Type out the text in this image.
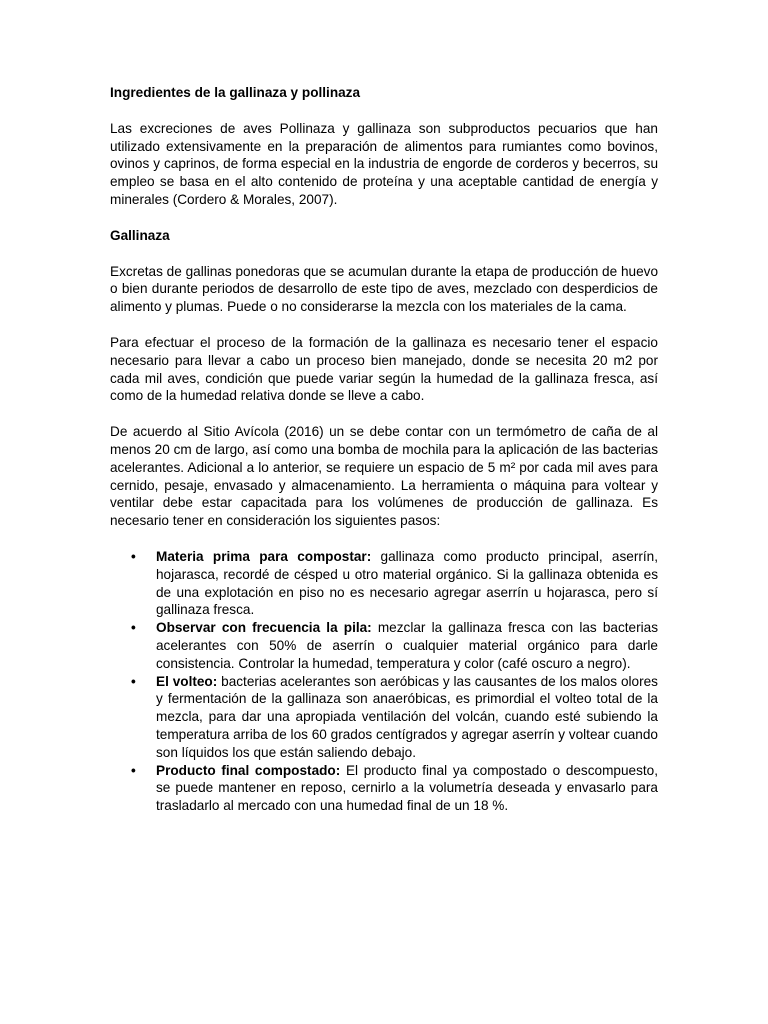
Ingredientes de la gallinaza y pollinaza

Las excreciones de aves Pollinaza y gallinaza son subproductos pecuarios que han utilizado extensivamente en la preparación de alimentos para rumiantes como bovinos, ovinos y caprinos, de forma especial en la industria de engorde de corderos y becerros, su empleo se basa en el alto contenido de proteína y una aceptable cantidad de energía y minerales (Cordero & Morales, 2007).

Gallinaza

Excretas de gallinas ponedoras que se acumulan durante la etapa de producción de huevo o bien durante periodos de desarrollo de este tipo de aves, mezclado con desperdicios de alimento y plumas. Puede o no considerarse la mezcla con los materiales de la cama.

Para efectuar el proceso de la formación de la gallinaza es necesario tener el espacio necesario para llevar a cabo un proceso bien manejado, donde se necesita 20 m2 por cada mil aves, condición que puede variar según la humedad de la gallinaza fresca, así como de la humedad relativa donde se lleve a cabo.

De acuerdo al Sitio Avícola (2016) un se debe contar con un termómetro de caña de al menos 20 cm de largo, así como una bomba de mochila para la aplicación de las bacterias acelerantes. Adicional a lo anterior, se requiere un espacio de 5 m² por cada mil aves para cernido, pesaje, envasado y almacenamiento. La herramienta o máquina para voltear y ventilar debe estar capacitada para los volúmenes de producción de gallinaza. Es necesario tener en consideración los siguientes pasos:

• Materia prima para compostar: gallinaza como producto principal, aserrín, hojarasca, recordé de césped u otro material orgánico. Si la gallinaza obtenida es de una explotación en piso no es necesario agregar aserrín u hojarasca, pero sí gallinaza fresca.
• Observar con frecuencia la pila: mezclar la gallinaza fresca con las bacterias acelerantes con 50% de aserrín o cualquier material orgánico para darle consistencia. Controlar la humedad, temperatura y color (café oscuro a negro).
• El volteo: bacterias acelerantes son aeróbicas y las causantes de los malos olores y fermentación de la gallinaza son anaeróbicas, es primordial el volteo total de la mezcla, para dar una apropiada ventilación del volcán, cuando esté subiendo la temperatura arriba de los 60 grados centígrados y agregar aserrín y voltear cuando son líquidos los que están saliendo debajo.
• Producto final compostado: El producto final ya compostado o descompuesto, se puede mantener en reposo, cernirlo a la volumetría deseada y envasarlo para trasladarlo al mercado con una humedad final de un 18 %.
